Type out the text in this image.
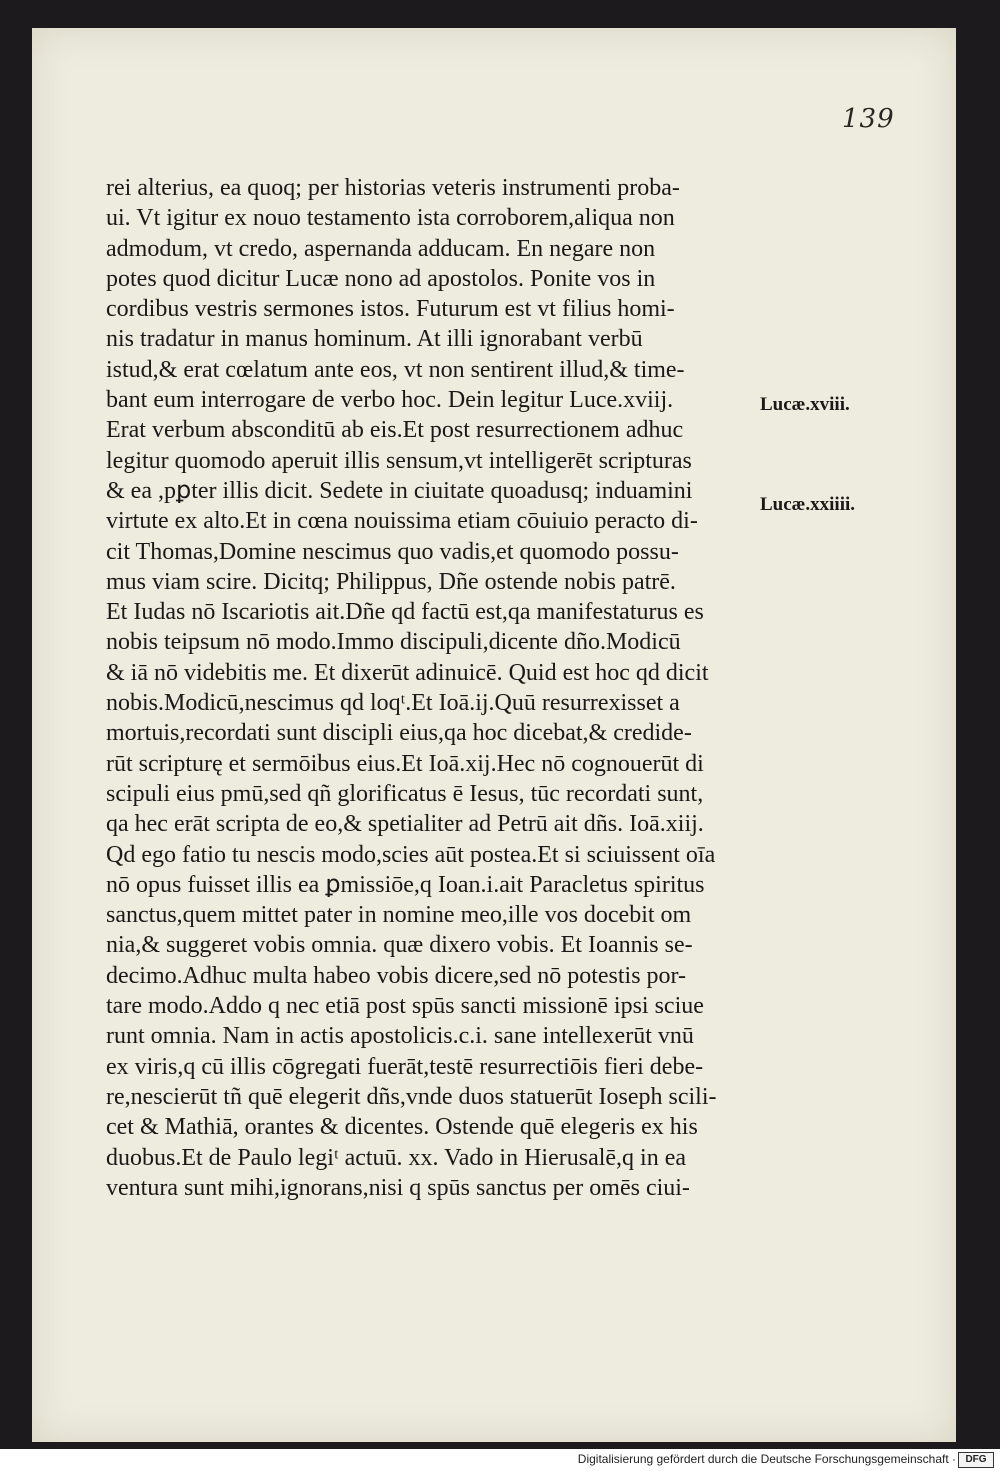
139
rei alterius, ea quoq; per historias veteris instrumenti proba-
ui. Vt igitur ex nouo testamento ista corroborem,aliqua non
admodum, vt credo, aspernanda adducam. En negare non
potes quod dicitur Lucæ nono ad apostolos. Ponite vos in
cordibus vestris sermones istos. Futurum est vt filius homi-
nis tradatur in manus hominum. At illi ignorabant verbū
istud,& erat cœlatum ante eos, vt non sentirent illud,& time-
bant eum interrogare de verbo hoc. Dein legitur Luce.xviij.
Erat verbum absconditū ab eis.Et post resurrectionem adhuc
legitur quomodo aperuit illis sensum,vt intelligerēt scripturas
& ea ,pꝑter illis dicit. Sedete in ciuitate quoadusq; induamini
virtute ex alto.Et in cœna nouissima etiam cōuiuio peracto di-
cit Thomas,Domine nescimus quo vadis,et quomodo possu-
mus viam scire. Dicitq; Philippus, Dñe ostende nobis patrē.
Et Iudas nō Iscariotis ait.Dñe qd factū est,qa manifestaturus es
nobis teipsum nō modo.Immo discipuli,dicente dño.Modicū
& iā nō videbitis me. Et dixerūt adinuicē. Quid est hoc qd dicit
nobis.Modicū,nescimus qd loqᵗ.Et Ioā.ij.Quū resurrexisset a
mortuis,recordati sunt discipli eius,qa hoc dicebat,& credide-
rūt scripturę et sermōibus eius.Et Ioā.xij.Hec nō cognouerūt di
scipuli eius pmū,sed qñ glorificatus ē Iesus, tūc recordati sunt,
qa hec erāt scripta de eo,& spetialiter ad Petrū ait dñs. Ioā.xiij.
Qd ego fatio tu nescis modo,scies aūt postea.Et si sciuissent oīa
nō opus fuisset illis ea ꝑmissiōe,q Ioan.i.ait Paracletus spiritus
sanctus,quem mittet pater in nomine meo,ille vos docebit om
nia,& suggeret vobis omnia. quæ dixero vobis. Et Ioannis se-
decimo.Adhuc multa habeo vobis dicere,sed nō potestis por-
tare modo.Addo q nec etiā post spūs sancti missionē ipsi sciue
runt omnia. Nam in actis apostolicis.c.i. sane intellexerūt vnū
ex viris,q cū illis cōgregati fuerāt,testē resurrectiōis fieri debe-
re,nescierūt tñ quē elegerit dñs,vnde duos statuerūt Ioseph scili-
cet & Mathiā, orantes & dicentes. Ostende quē elegeris ex his
duobus.Et de Paulo legiᵗ actuū. xx. Vado in Hierusalē,q in ea
ventura sunt mihi,ignorans,nisi q spūs sanctus per omēs ciui-
Lucæ.xviii.
Lucæ.xxiiii.
Digitalisierung gefördert durch die Deutsche Forschungsgemeinschaft · DFG
